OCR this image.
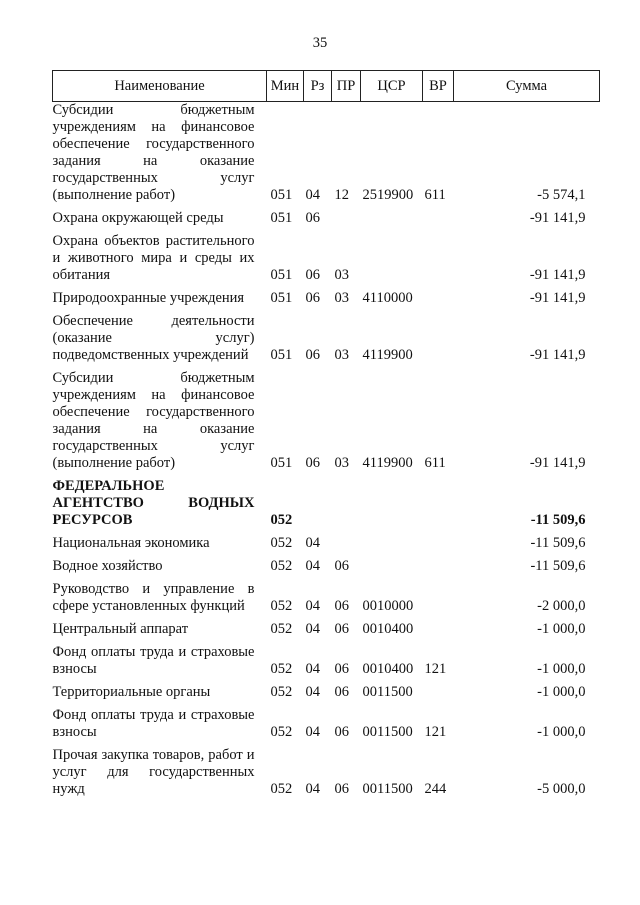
35
Наименование	Мин	Рз	ПР	ЦСР	ВР	Сумма
Субсидии бюджетным учреждениям на финансовое обеспечение государственного задания на оказание государственных услуг (выполнение работ)	051	04	12	2519900	611	-5 574,1
Охрана окружающей среды	051	06				-91 141,9
Охрана объектов растительного и животного мира и среды их обитания	051	06	03			-91 141,9
Природоохранные учреждения	051	06	03	4110000		-91 141,9
Обеспечение деятельности (оказание услуг) подведомственных учреждений	051	06	03	4119900		-91 141,9
Субсидии бюджетным учреждениям на финансовое обеспечение государственного задания на оказание государственных услуг (выполнение работ)	051	06	03	4119900	611	-91 141,9
ФЕДЕРАЛЬНОЕ АГЕНТСТВО ВОДНЫХ РЕСУРСОВ	052					-11 509,6
Национальная экономика	052	04				-11 509,6
Водное хозяйство	052	04	06			-11 509,6
Руководство и управление в сфере установленных функций	052	04	06	0010000		-2 000,0
Центральный аппарат	052	04	06	0010400		-1 000,0
Фонд оплаты труда и страховые взносы	052	04	06	0010400	121	-1 000,0
Территориальные органы	052	04	06	0011500		-1 000,0
Фонд оплаты труда и страховые взносы	052	04	06	0011500	121	-1 000,0
Прочая закупка товаров, работ и услуг для государственных нужд	052	04	06	0011500	244	-5 000,0
